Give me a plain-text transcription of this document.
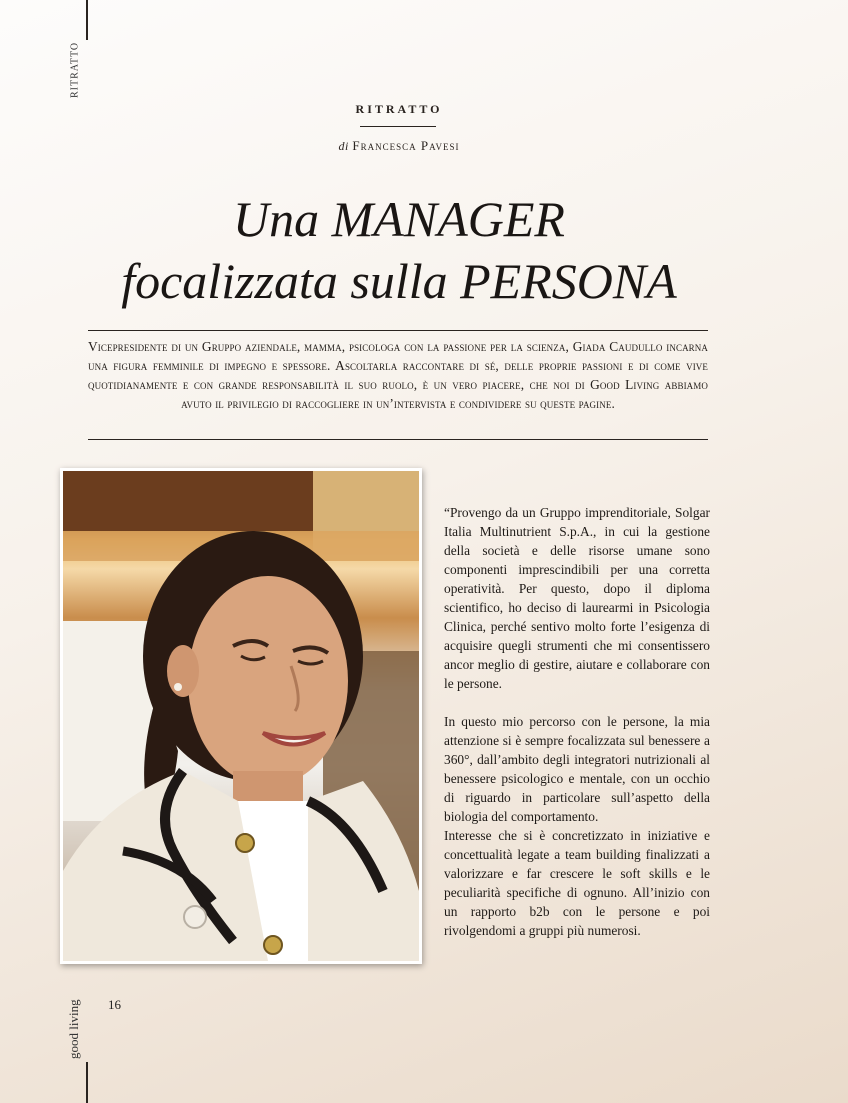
RITRATTO
good living 16
RITRATTO
di Francesca Pavesi
Una MANAGER
focalizzata sulla PERSONA
Vicepresidente di un Gruppo aziendale, mamma, psicologa con la passione per la scienza, Giada Caudullo incarna una figura femminile di impegno e spessore. Ascoltarla raccontare di sé, delle proprie passioni e di come vive quotidianamente e con grande responsabilità il suo ruolo, è un vero piacere, che noi di Good Living abbiamo avuto il privilegio di raccogliere in un’intervista e condividere su queste pagine.

“Provengo da un Gruppo imprenditoriale, Solgar Italia Multinutrient S.p.A., in cui la gestione della società e delle risorse umane sono componenti imprescindibili per una corretta operatività. Per questo, dopo il diploma scientifico, ho deciso di laurearmi in Psicologia Clinica, perché sentivo molto forte l’esigenza di acquisire quegli strumenti che mi consentissero ancor meglio di gestire, aiutare e collaborare con le persone.

In questo mio percorso con le persone, la mia attenzione si è sempre focalizzata sul benessere a 360°, dall’ambito degli integratori nutrizionali al benessere psicologico e mentale, con un occhio di riguardo in particolare sull’aspetto della biologia del comportamento.

Interesse che si è concretizzato in iniziative e concettualità legate a team building finalizzati a valorizzare e far crescere le soft skills e le peculiarità specifiche di ognuno. All’inizio con un rapporto b2b con le persone e poi rivolgendomi a gruppi più numerosi.
